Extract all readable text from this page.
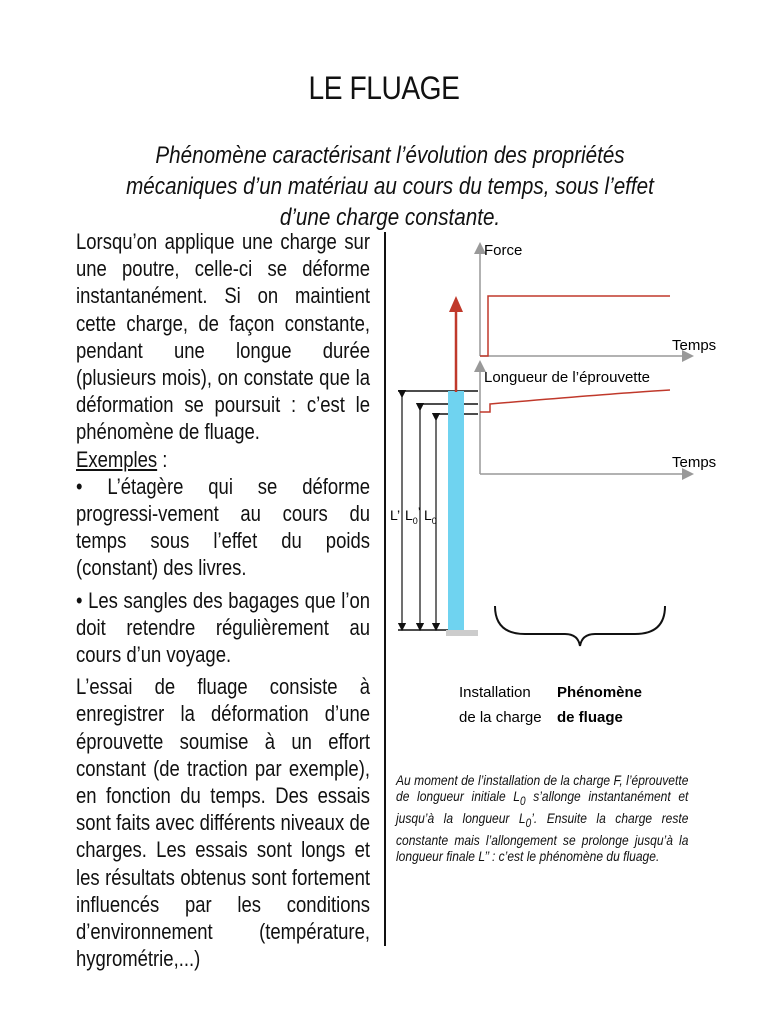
LE FLUAGE
Phénomène caractérisant l’évolution des propriétés mécaniques d’un matériau au cours du temps, sous l’effet d’une charge constante.

Lorsqu’on applique une charge sur une poutre, celle-ci se déforme instantanément. Si on maintient cette charge, de façon constante, pendant une longue durée (plusieurs mois), on constate que la déformation se poursuit : c’est le phénomène de fluage.

Exemples :

• L’étagère qui se déforme progressi-vement au cours du temps sous l’effet du poids (constant) des livres.

• Les sangles des bagages que l’on doit retendre régulièrement au cours d’un voyage.

L’essai de fluage consiste à enregistrer la déformation d’une éprouvette soumise à un effort constant (de traction par exemple), en fonction du temps. Des essais sont faits avec différents niveaux de charges. Les essais sont longs et les résultats obtenus sont fortement influencés par les conditions d’environnement (température, hygrométrie,...)

Force
Temps
Longueur de l’éprouvette
Temps
L’ $L_0$’ $L_0$
Installation
de la charge
Phénomène
de fluage
Au moment de l’installation de la charge F, l’éprouvette de longueur initiale $L_0$ s’allonge instantanément et jusqu’à la longueur $L_0$’. Ensuite la charge reste constante mais l’allongement se prolonge jusqu’à la longueur finale L’’ : c’est le phénomène du fluage.
